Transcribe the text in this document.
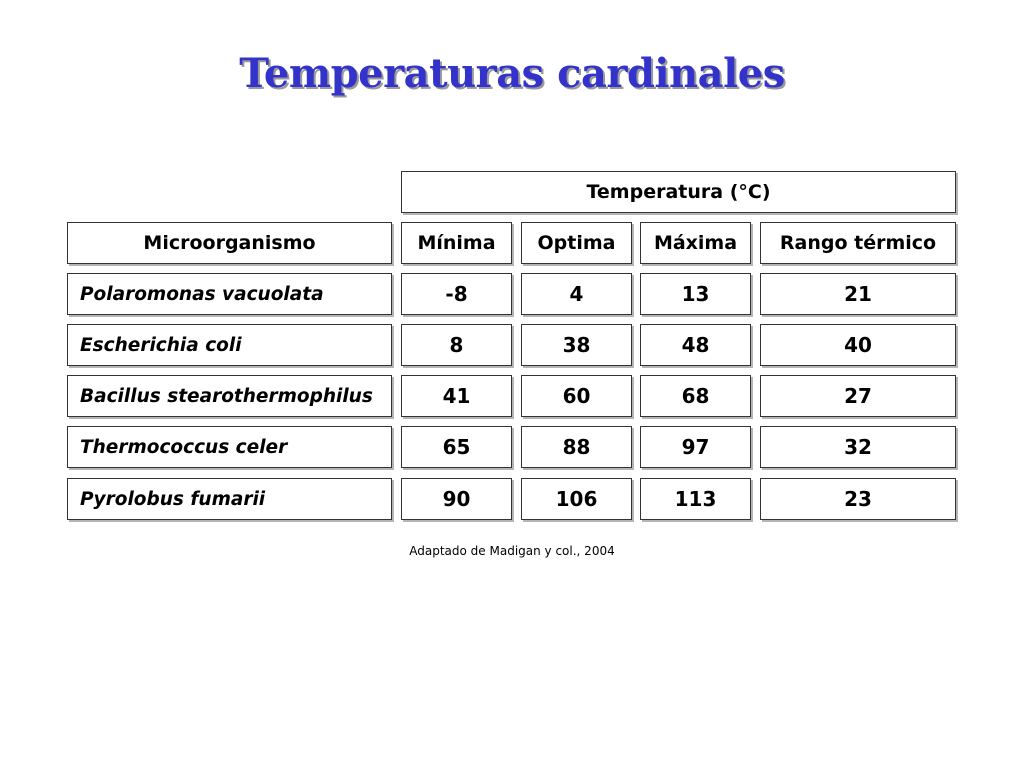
Temperaturas cardinales
Temperatura (°C)
Microorganismo	Mínima	Optima	Máxima	Rango térmico
Polaromonas vacuolata	-8	4	13	21
Escherichia coli	8	38	48	40
Bacillus stearothermophilus	41	60	68	27
Thermococcus celer	65	88	97	32
Pyrolobus fumarii	90	106	113	23
Adaptado de Madigan y col., 2004
